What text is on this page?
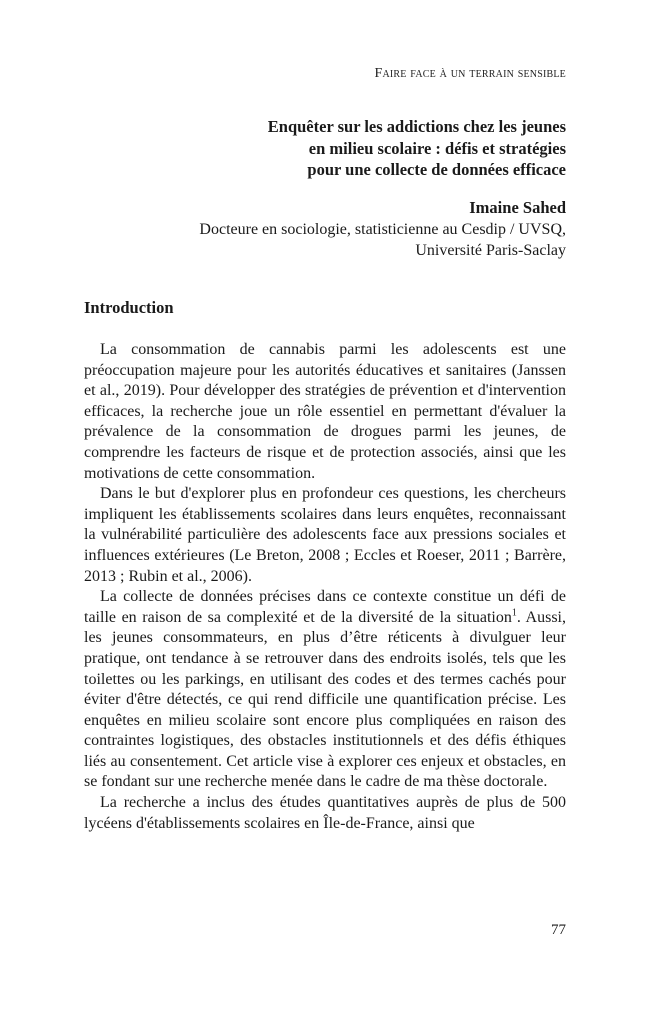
Faire face à un terrain sensible
Enquêter sur les addictions chez les jeunes
en milieu scolaire : défis et stratégies
pour une collecte de données efficace
Imaine Sahed
Docteure en sociologie, statisticienne au Cesdip / UVSQ,
Université Paris-Saclay
Introduction

La consommation de cannabis parmi les adolescents est une préoccupation majeure pour les autorités éducatives et sanitaires (Janssen et al., 2019). Pour développer des stratégies de prévention et d'intervention efficaces, la recherche joue un rôle essentiel en permettant d'évaluer la prévalence de la consommation de drogues parmi les jeunes, de comprendre les facteurs de risque et de protection associés, ainsi que les motivations de cette consommation.

Dans le but d'explorer plus en profondeur ces questions, les chercheurs impliquent les établissements scolaires dans leurs enquêtes, reconnaissant la vulnérabilité particulière des adolescents face aux pressions sociales et influences extérieures (Le Breton, 2008 ; Eccles et Roeser, 2011 ; Barrère, 2013 ; Rubin et al., 2006).

La collecte de données précises dans ce contexte constitue un défi de taille en raison de sa complexité et de la diversité de la situation$^1$. Aussi, les jeunes consommateurs, en plus d’être réticents à divulguer leur pratique, ont tendance à se retrouver dans des endroits isolés, tels que les toilettes ou les parkings, en utilisant des codes et des termes cachés pour éviter d'être détectés, ce qui rend difficile une quantification précise. Les enquêtes en milieu scolaire sont encore plus compliquées en raison des contraintes logistiques, des obstacles institutionnels et des défis éthiques liés au consentement. Cet article vise à explorer ces enjeux et obstacles, en se fondant sur une recherche menée dans le cadre de ma thèse doctorale.

La recherche a inclus des études quantitatives auprès de plus de 500 lycéens d'établissements scolaires en Île-de-France, ainsi que

77
